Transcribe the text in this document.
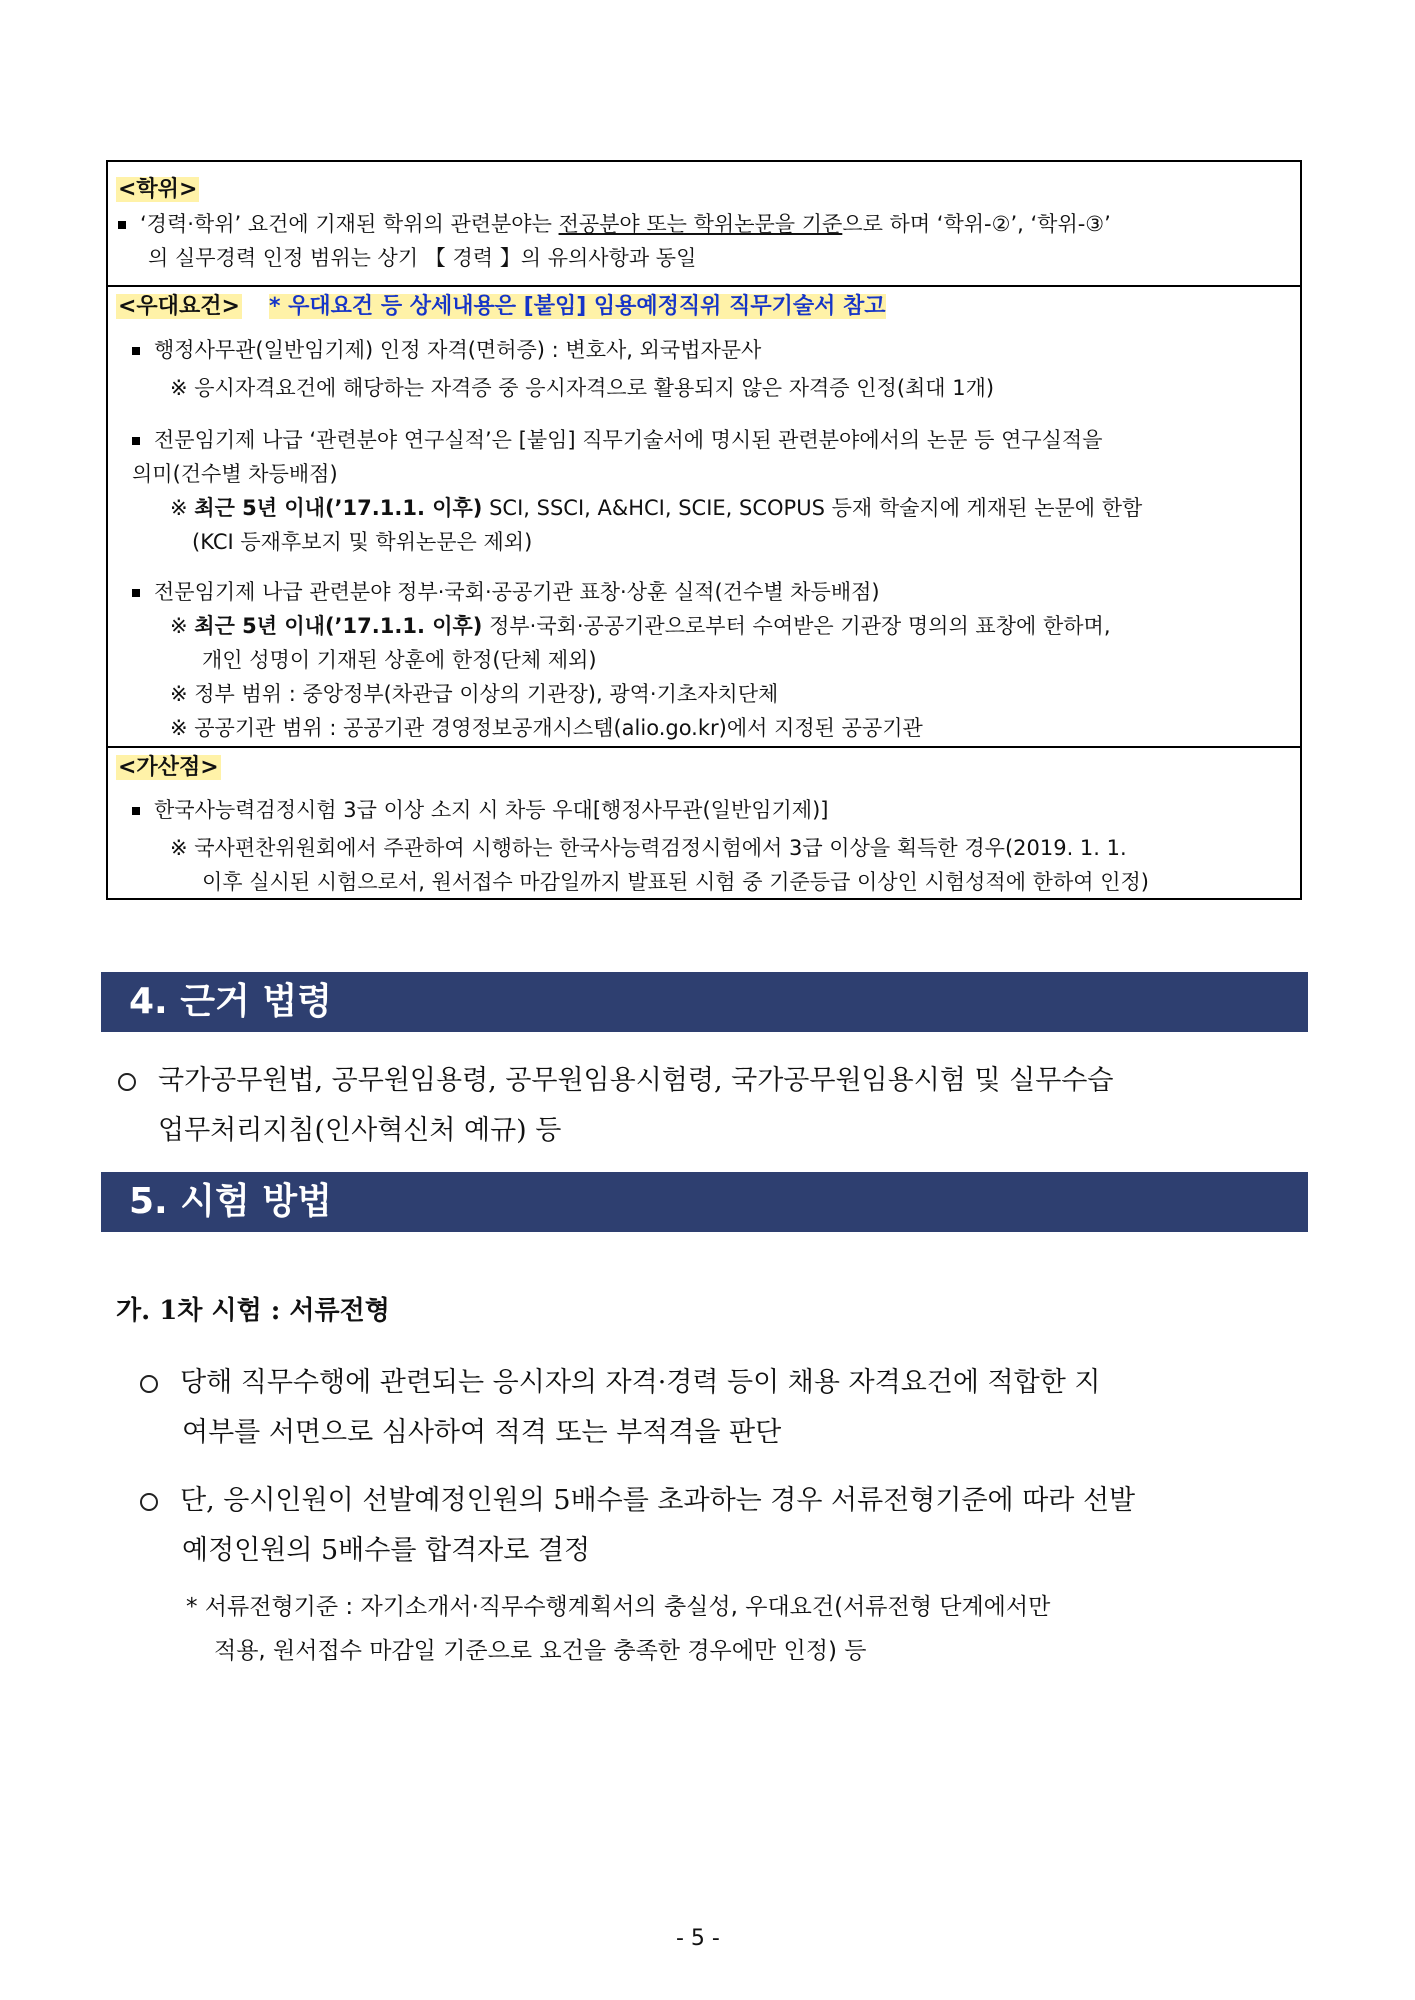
<학위>
‘경력·학위’ 요건에 기재된 학위의 관련분야는 전공분야 또는 학위논문을 기준으로 하며 ‘학위-②’, ‘학위-③’
의 실무경력 인정 범위는 상기 【 경력 】의 유의사항과 동일
<우대요건> * 우대요건 등 상세내용은 [붙임] 임용예정직위 직무기술서 참고
행정사무관(일반임기제) 인정 자격(면허증) : 변호사, 외국법자문사
※ 응시자격요건에 해당하는 자격증 중 응시자격으로 활용되지 않은 자격증 인정(최대 1개)
전문임기제 나급 ‘관련분야 연구실적’은 [붙임] 직무기술서에 명시된 관련분야에서의 논문 등 연구실적을
의미(건수별 차등배점)
※ 최근 5년 이내(’17.1.1. 이후) SCI, SSCI, A&HCI, SCIE, SCOPUS 등재 학술지에 게재된 논문에 한함
(KCI 등재후보지 및 학위논문은 제외)
전문임기제 나급 관련분야 정부·국회·공공기관 표창·상훈 실적(건수별 차등배점)
※ 최근 5년 이내(’17.1.1. 이후) 정부·국회·공공기관으로부터 수여받은 기관장 명의의 표창에 한하며,
개인 성명이 기재된 상훈에 한정(단체 제외)
※ 정부 범위 : 중앙정부(차관급 이상의 기관장), 광역·기초자치단체
※ 공공기관 범위 : 공공기관 경영정보공개시스템(alio.go.kr)에서 지정된 공공기관
<가산점>
한국사능력검정시험 3급 이상 소지 시 차등 우대[행정사무관(일반임기제)]
※ 국사편찬위원회에서 주관하여 시행하는 한국사능력검정시험에서 3급 이상을 획득한 경우(2019. 1. 1.
이후 실시된 시험으로서, 원서접수 마감일까지 발표된 시험 중 기준등급 이상인 시험성적에 한하여 인정)
4. 근거 법령
국가공무원법, 공무원임용령, 공무원임용시험령, 국가공무원임용시험 및 실무수습
업무처리지침(인사혁신처 예규) 등
5. 시험 방법
가. 1차 시험 : 서류전형
당해 직무수행에 관련되는 응시자의 자격·경력 등이 채용 자격요건에 적합한 지
여부를 서면으로 심사하여 적격 또는 부적격을 판단
단, 응시인원이 선발예정인원의 5배수를 초과하는 경우 서류전형기준에 따라 선발
예정인원의 5배수를 합격자로 결정
* 서류전형기준 : 자기소개서·직무수행계획서의 충실성, 우대요건(서류전형 단계에서만
적용, 원서접수 마감일 기준으로 요건을 충족한 경우에만 인정) 등
- 5 -
